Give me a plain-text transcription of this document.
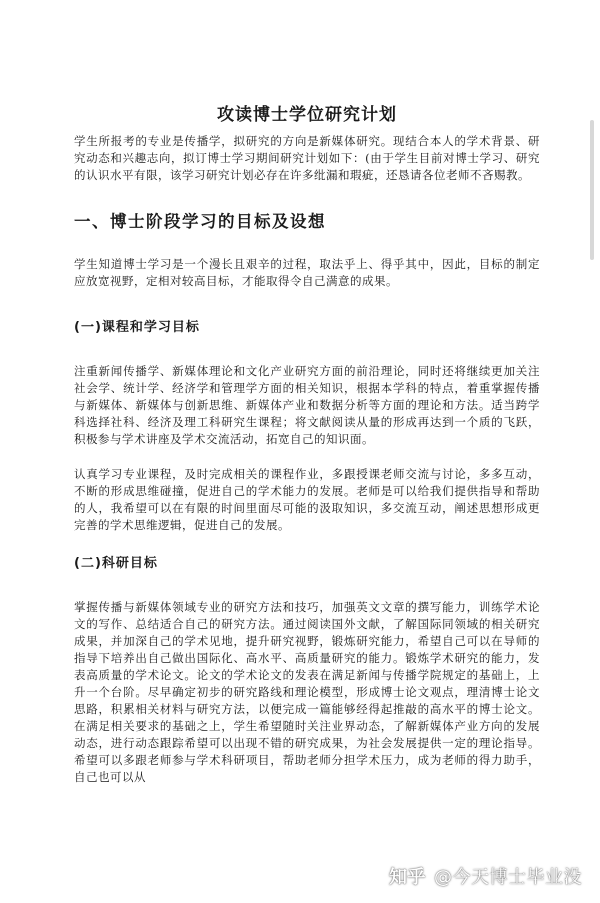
攻读博士学位研究计划

学生所报考的专业是传播学，拟研究的方向是新媒体研究。现结合本人的学术背景、研究动态和兴趣志向，拟订博士学习期间研究计划如下：(由于学生目前对博士学习、研究的认识水平有限，该学习研究计划必存在许多纰漏和瑕疵，还恳请各位老师不吝赐教。

一、博士阶段学习的目标及设想

学生知道博士学习是一个漫长且艰辛的过程，取法乎上、得乎其中，因此，目标的制定应放宽视野，定相对较高目标，才能取得令自己满意的成果。

(一)课程和学习目标

注重新闻传播学、新媒体理论和文化产业研究方面的前沿理论，同时还将继续更加关注社会学、统计学、经济学和管理学方面的相关知识，根据本学科的特点，着重掌握传播与新媒体、新媒体与创新思维、新媒体产业和数据分析等方面的理论和方法。适当跨学科选择社科、经济及理工科研究生课程；将文献阅读从量的形成再达到一个质的飞跃，积极参与学术讲座及学术交流活动，拓宽自己的知识面。

认真学习专业课程，及时完成相关的课程作业，多跟授课老师交流与讨论，多多互动，不断的形成思维碰撞，促进自己的学术能力的发展。老师是可以给我们提供指导和帮助的人，我希望可以在有限的时间里面尽可能的汲取知识，多交流互动，阐述思想形成更完善的学术思维逻辑，促进自己的发展。

(二)科研目标

掌握传播与新媒体领域专业的研究方法和技巧，加强英文文章的撰写能力，训练学术论文的写作、总结适合自己的研究方法。通过阅读国外文献，了解国际同领域的相关研究成果，并加深自己的学术见地，提升研究视野，锻炼研究能力，希望自己可以在导师的指导下培养出自己做出国际化、高水平、高质量研究的能力。锻炼学术研究的能力，发表高质量的学术论文。论文的学术论文的发表在满足新闻与传播学院规定的基础上，上升一个台阶。尽早确定初步的研究路线和理论模型，形成博士论文观点，理清博士论文思路，积累相关材料与研究方法，以便完成一篇能够经得起推敲的高水平的博士论文。在满足相关要求的基础之上，学生希望随时关注业界动态，了解新媒体产业方向的发展动态，进行动态跟踪希望可以出现不错的研究成果，为社会发展提供一定的理论指导。希望可以多跟老师参与学术科研项目，帮助老师分担学术压力，成为老师的得力助手，自己也可以从

知乎 @今天博士毕业没
